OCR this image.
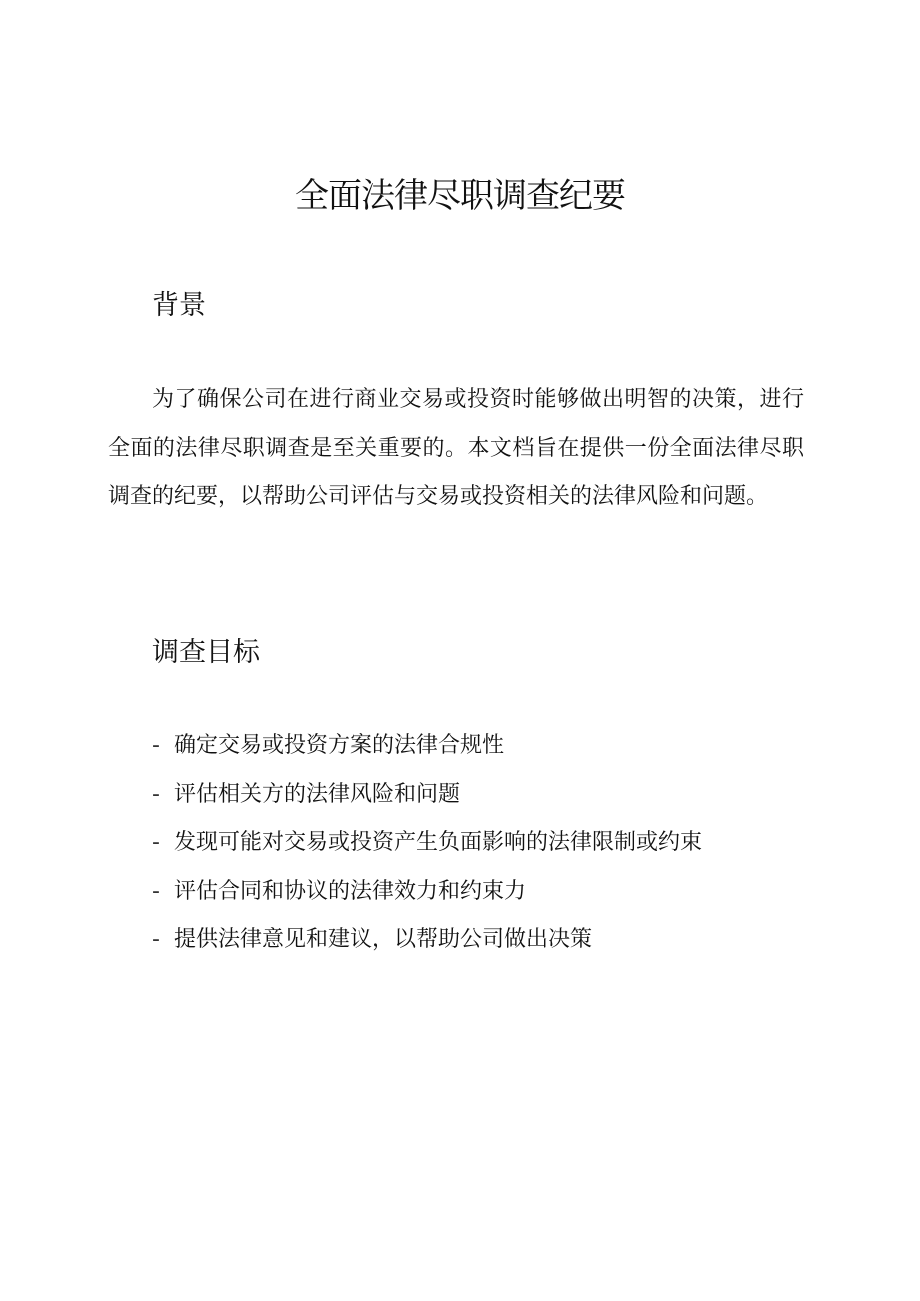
全面法律尽职调查纪要
背景

为了确保公司在进行商业交易或投资时能够做出明智的决策，进行全面的法律尽职调查是至关重要的。本文档旨在提供一份全面法律尽职调查的纪要，以帮助公司评估与交易或投资相关的法律风险和问题。

调查目标
- 确定交易或投资方案的法律合规性
- 评估相关方的法律风险和问题
- 发现可能对交易或投资产生负面影响的法律限制或约束
- 评估合同和协议的法律效力和约束力
- 提供法律意见和建议，以帮助公司做出决策
